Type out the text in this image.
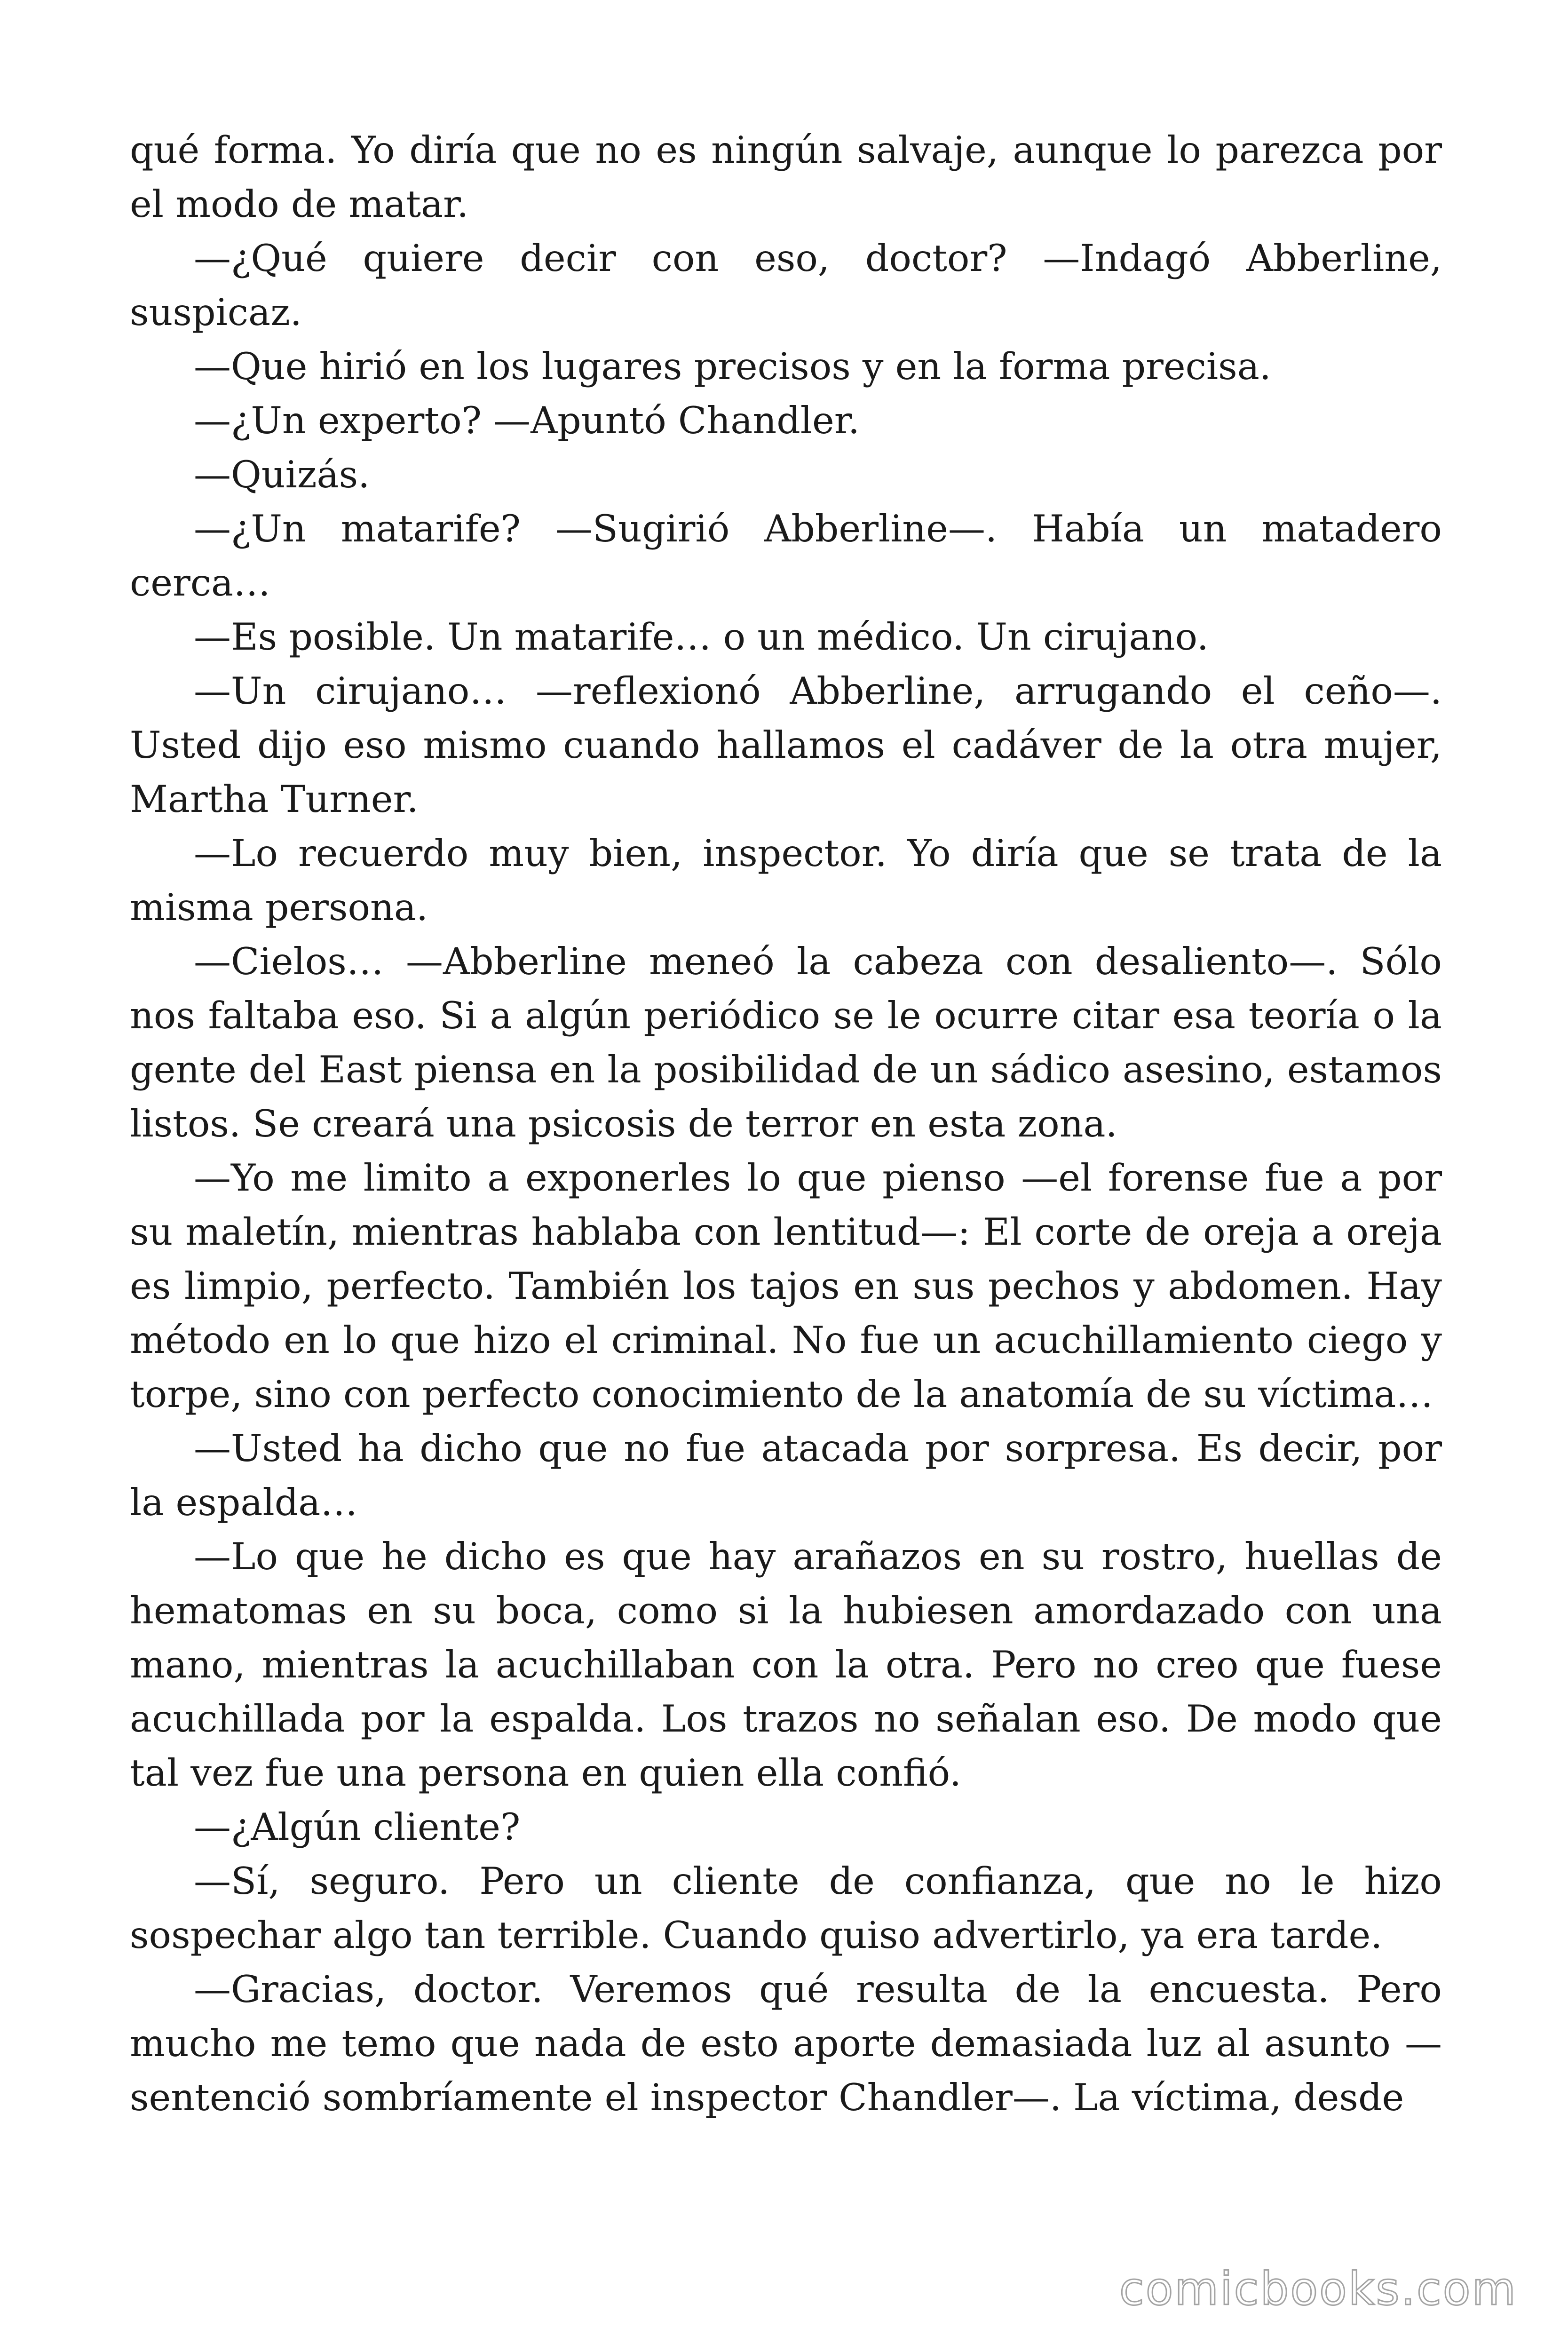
qué forma. Yo diría que no es ningún salvaje, aunque lo parezca por el modo de matar.

—¿Qué quiere decir con eso, doctor? —Indagó Abberline, suspicaz.

—Que hirió en los lugares precisos y en la forma precisa.

—¿Un experto? —Apuntó Chandler.

—Quizás.

—¿Un matarife? —Sugirió Abberline—. Había un matadero cerca…

—Es posible. Un matarife… o un médico. Un cirujano.

—Un cirujano… —reflexionó Abberline, arrugando el ceño—. Usted dijo eso mismo cuando hallamos el cadáver de la otra mujer, Martha Turner.

—Lo recuerdo muy bien, inspector. Yo diría que se trata de la misma persona.

—Cielos… —Abberline meneó la cabeza con desaliento—. Sólo nos faltaba eso. Si a algún periódico se le ocurre citar esa teoría o la gente del East piensa en la posibilidad de un sádico asesino, estamos listos. Se creará una psicosis de terror en esta zona.

—Yo me limito a exponerles lo que pienso —el forense fue a por su maletín, mientras hablaba con lentitud—: El corte de oreja a oreja es limpio, perfecto. También los tajos en sus pechos y abdomen. Hay método en lo que hizo el criminal. No fue un acuchillamiento ciego y torpe, sino con perfecto conocimiento de la anatomía de su víctima…

—Usted ha dicho que no fue atacada por sorpresa. Es decir, por la espalda…

—Lo que he dicho es que hay arañazos en su rostro, huellas de hematomas en su boca, como si la hubiesen amordazado con una mano, mientras la acuchillaban con la otra. Pero no creo que fuese acuchillada por la espalda. Los trazos no señalan eso. De modo que tal vez fue una persona en quien ella confió.

—¿Algún cliente?

—Sí, seguro. Pero un cliente de confianza, que no le hizo sospechar algo tan terrible. Cuando quiso advertirlo, ya era tarde.

—Gracias, doctor. Veremos qué resulta de la encuesta. Pero mucho me temo que nada de esto aporte demasiada luz al asunto —sentenció sombríamente el inspector Chandler—. La víctima, desde

comicbooks.com
